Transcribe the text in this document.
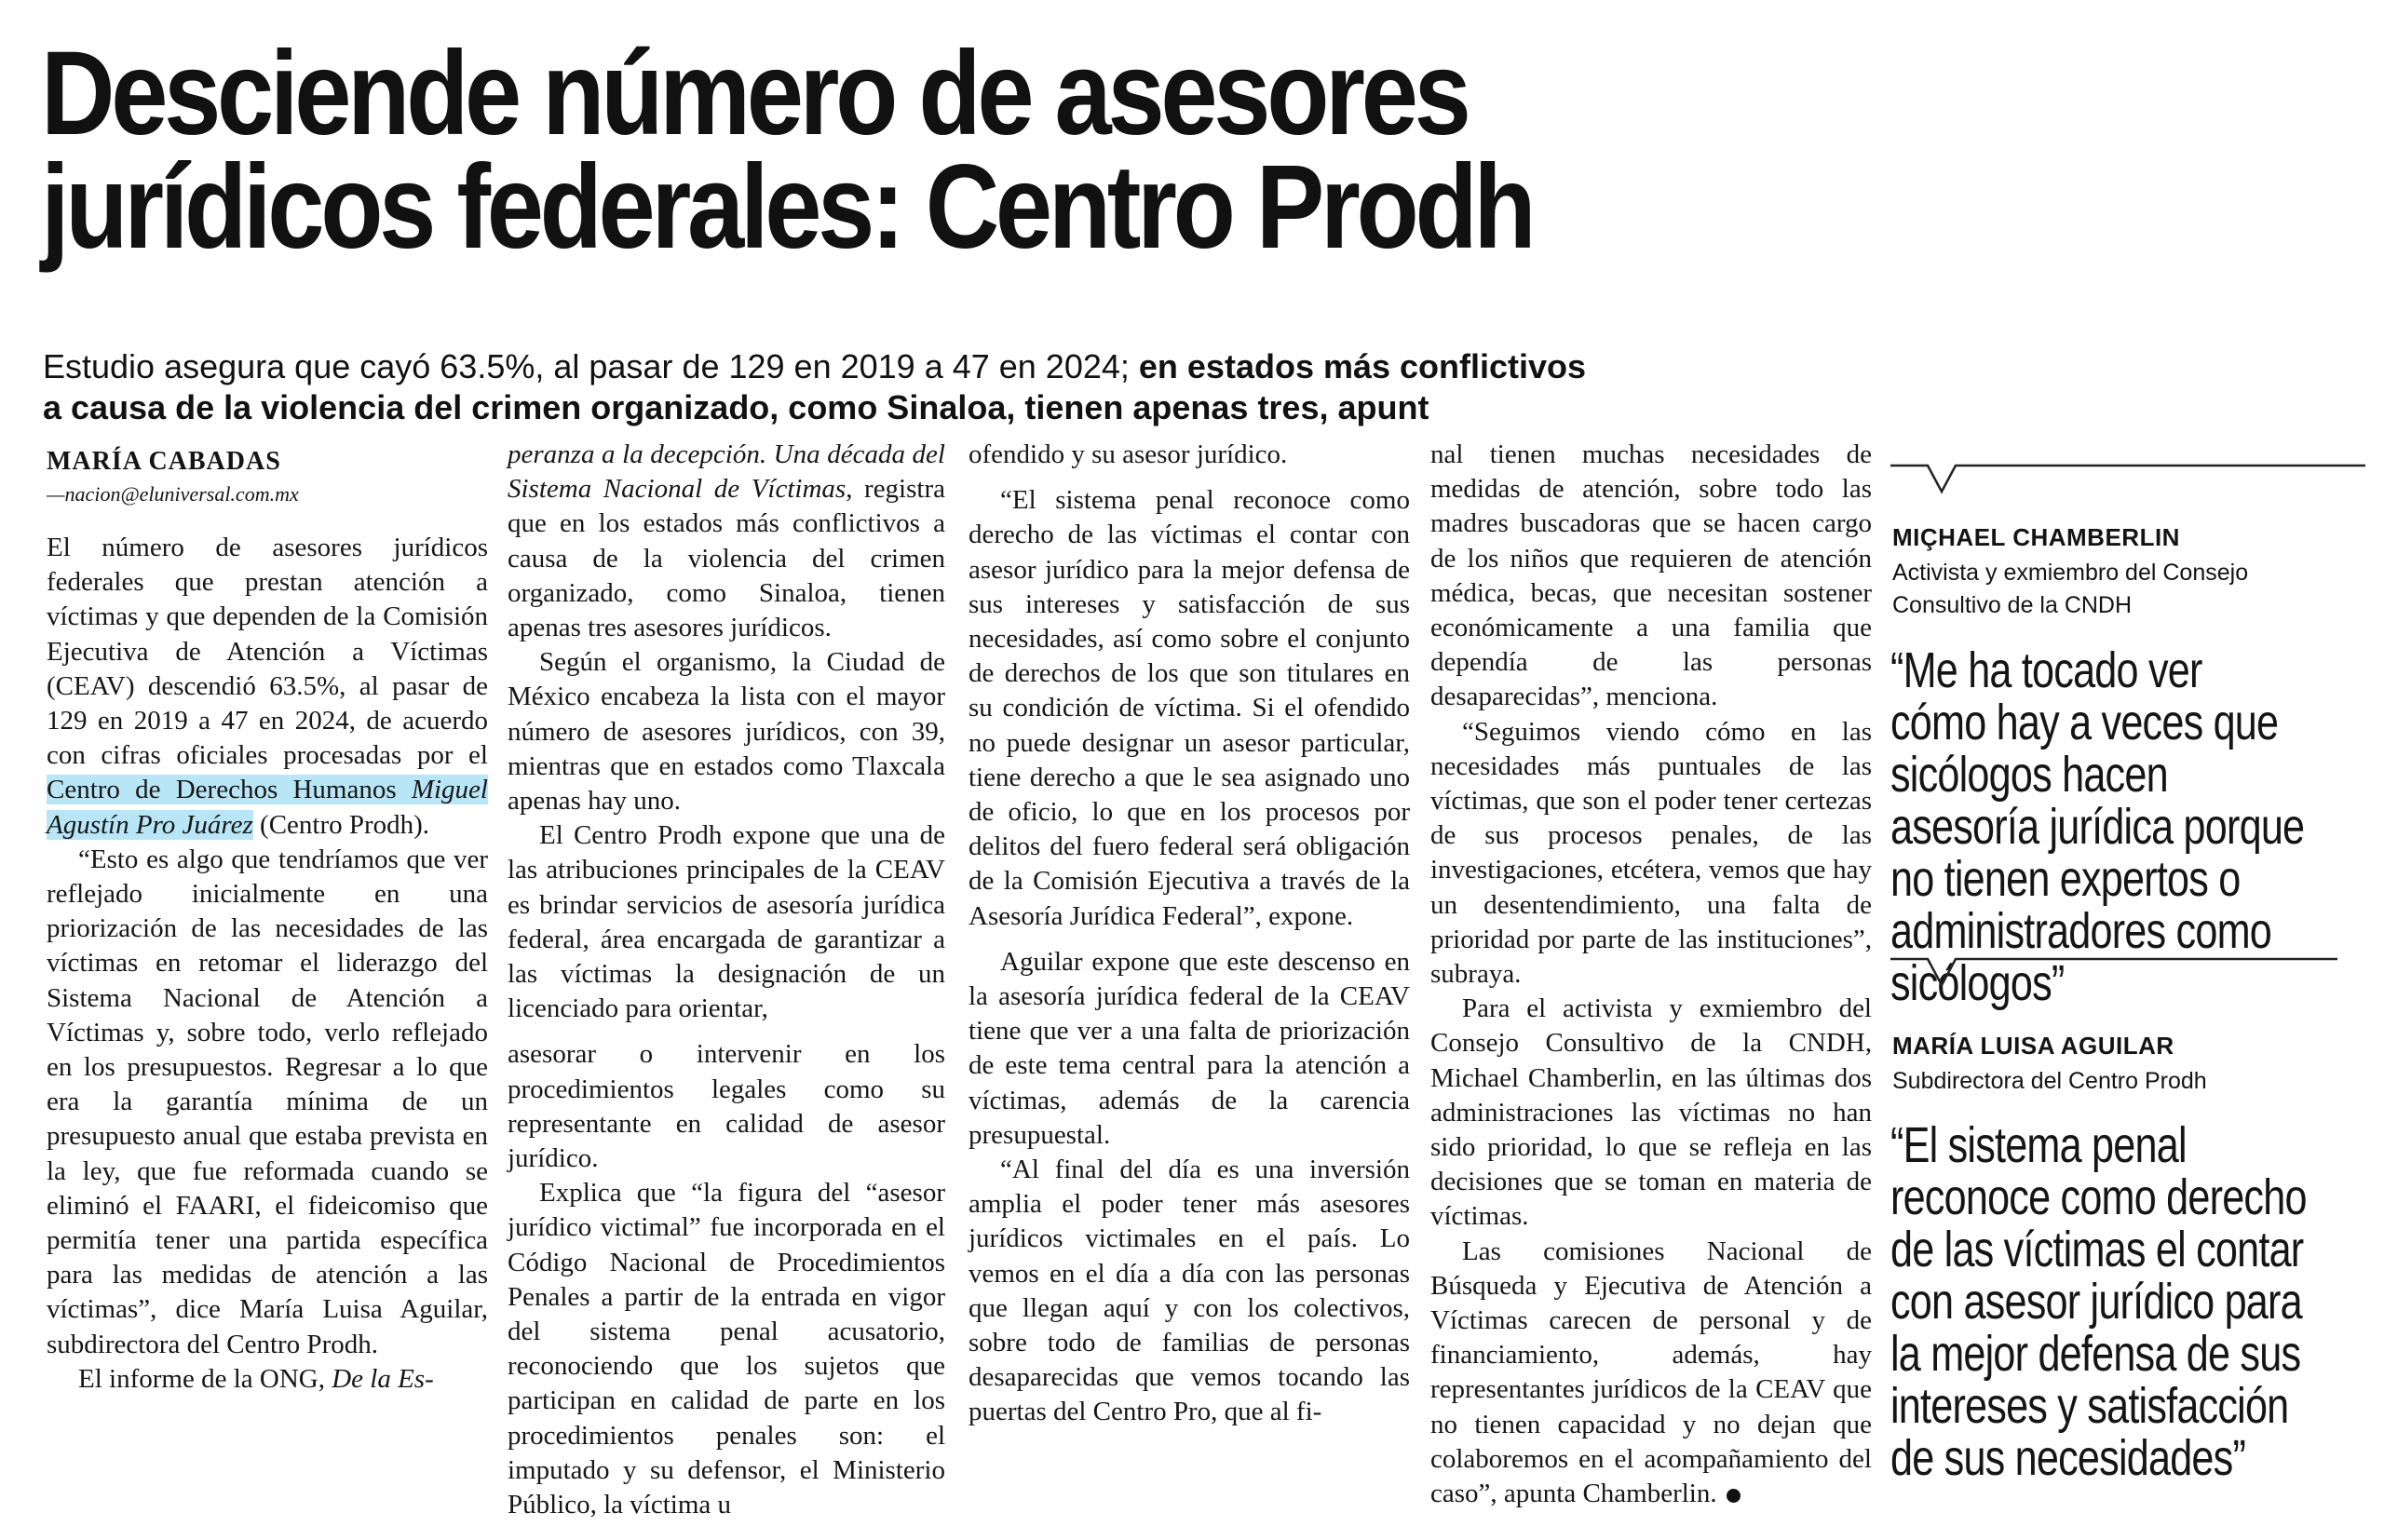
Desciende número de asesores
jurídicos federales: Centro Prodh
Estudio asegura que cayó 63.5%, al pasar de 129 en 2019 a 47 en 2024; en estados más conflictivos a causa de la violencia del crimen organizado, como Sinaloa, tienen apenas tres, apunt
MARÍA CABADAS
—nacion@eluniversal.com.mx

El número de asesores jurídicos federales que prestan atención a víctimas y que dependen de la Comisión Ejecutiva de Atención a Víctimas (CEAV) descendió 63.5%, al pasar de 129 en 2019 a 47 en 2024, de acuerdo con cifras oficiales procesadas por el Centro de Derechos Humanos Miguel Agustín Pro Juárez (Centro Prodh).

“Esto es algo que tendríamos que ver reflejado inicialmente en una priorización de las necesidades de las víctimas en retomar el liderazgo del Sistema Nacional de Atención a Víctimas y, sobre todo, verlo reflejado en los presupuestos. Regresar a lo que era la garantía mínima de un presupuesto anual que estaba prevista en la ley, que fue reformada cuando se eliminó el FAARI, el fideicomiso que permitía tener una partida específica para las medidas de atención a las víctimas”, dice María Luisa Aguilar, subdirectora del Centro Prodh.

El informe de la ONG, De la Es-

peranza a la decepción. Una década del Sistema Nacional de Víctimas, registra que en los estados más conflictivos a causa de la violencia del crimen organizado, como Sinaloa, tienen apenas tres asesores jurídicos.

Según el organismo, la Ciudad de México encabeza la lista con el mayor número de asesores jurídicos, con 39, mientras que en estados como Tlaxcala apenas hay uno.

El Centro Prodh expone que una de las atribuciones principales de la CEAV es brindar servicios de asesoría jurídica federal, área encargada de garantizar a las víctimas la designación de un licenciado para orientar,

asesorar o intervenir en los procedimientos legales como su representante en calidad de asesor jurídico.

Explica que “la figura del “asesor jurídico victimal” fue incorporada en el Código Nacional de Procedimientos Penales a partir de la entrada en vigor del sistema penal acusatorio, reconociendo que los sujetos que participan en calidad de parte en los procedimientos penales son: el imputado y su defensor, el Ministerio Público, la víctima u

ofendido y su asesor jurídico.

“El sistema penal reconoce como derecho de las víctimas el contar con asesor jurídico para la mejor defensa de sus intereses y satisfacción de sus necesidades, así como sobre el conjunto de derechos de los que son titulares en su condición de víctima. Si el ofendido no puede designar un asesor particular, tiene derecho a que le sea asignado uno de oficio, lo que en los procesos por delitos del fuero federal será obligación de la Comisión Ejecutiva a través de la Asesoría Jurídica Federal”, expone.

Aguilar expone que este descenso en la asesoría jurídica federal de la CEAV tiene que ver a una falta de priorización de este tema central para la atención a víctimas, además de la carencia presupuestal.

“Al final del día es una inversión amplia el poder tener más asesores jurídicos victimales en el país. Lo vemos en el día a día con las personas que llegan aquí y con los colectivos, sobre todo de familias de personas desaparecidas que vemos tocando las puertas del Centro Pro, que al fi-

nal tienen muchas necesidades de medidas de atención, sobre todo las madres buscadoras que se hacen cargo de los niños que requieren de atención médica, becas, que necesitan sostener económicamente a una familia que dependía de las personas desaparecidas”, menciona.

“Seguimos viendo cómo en las necesidades más puntuales de las víctimas, que son el poder tener certezas de sus procesos penales, de las investigaciones, etcétera, vemos que hay un desentendimiento, una falta de prioridad por parte de las instituciones”, subraya.

Para el activista y exmiembro del Consejo Consultivo de la CNDH, Michael Chamberlin, en las últimas dos administraciones las víctimas no han sido prioridad, lo que se refleja en las decisiones que se toman en materia de víctimas.

Las comisiones Nacional de Búsqueda y Ejecutiva de Atención a Víctimas carecen de personal y de financiamiento, además, hay representantes jurídicos de la CEAV que no tienen capacidad y no dejan que colaboremos en el acompañamiento del caso”, apunta Chamberlin.

MIÇHAEL CHAMBERLIN
Activista y exmiembro del Consejo Consultivo de la CNDH
“Me ha tocado ver cómo hay a veces que sicólogos hacen asesoría jurídica porque no tienen expertos o administradores como sicólogos”
MARÍA LUISA AGUILAR
Subdirectora del Centro Prodh
“El sistema penal reconoce como derecho de las víctimas el contar con asesor jurídico para la mejor defensa de sus intereses y satisfacción de sus necesidades”
